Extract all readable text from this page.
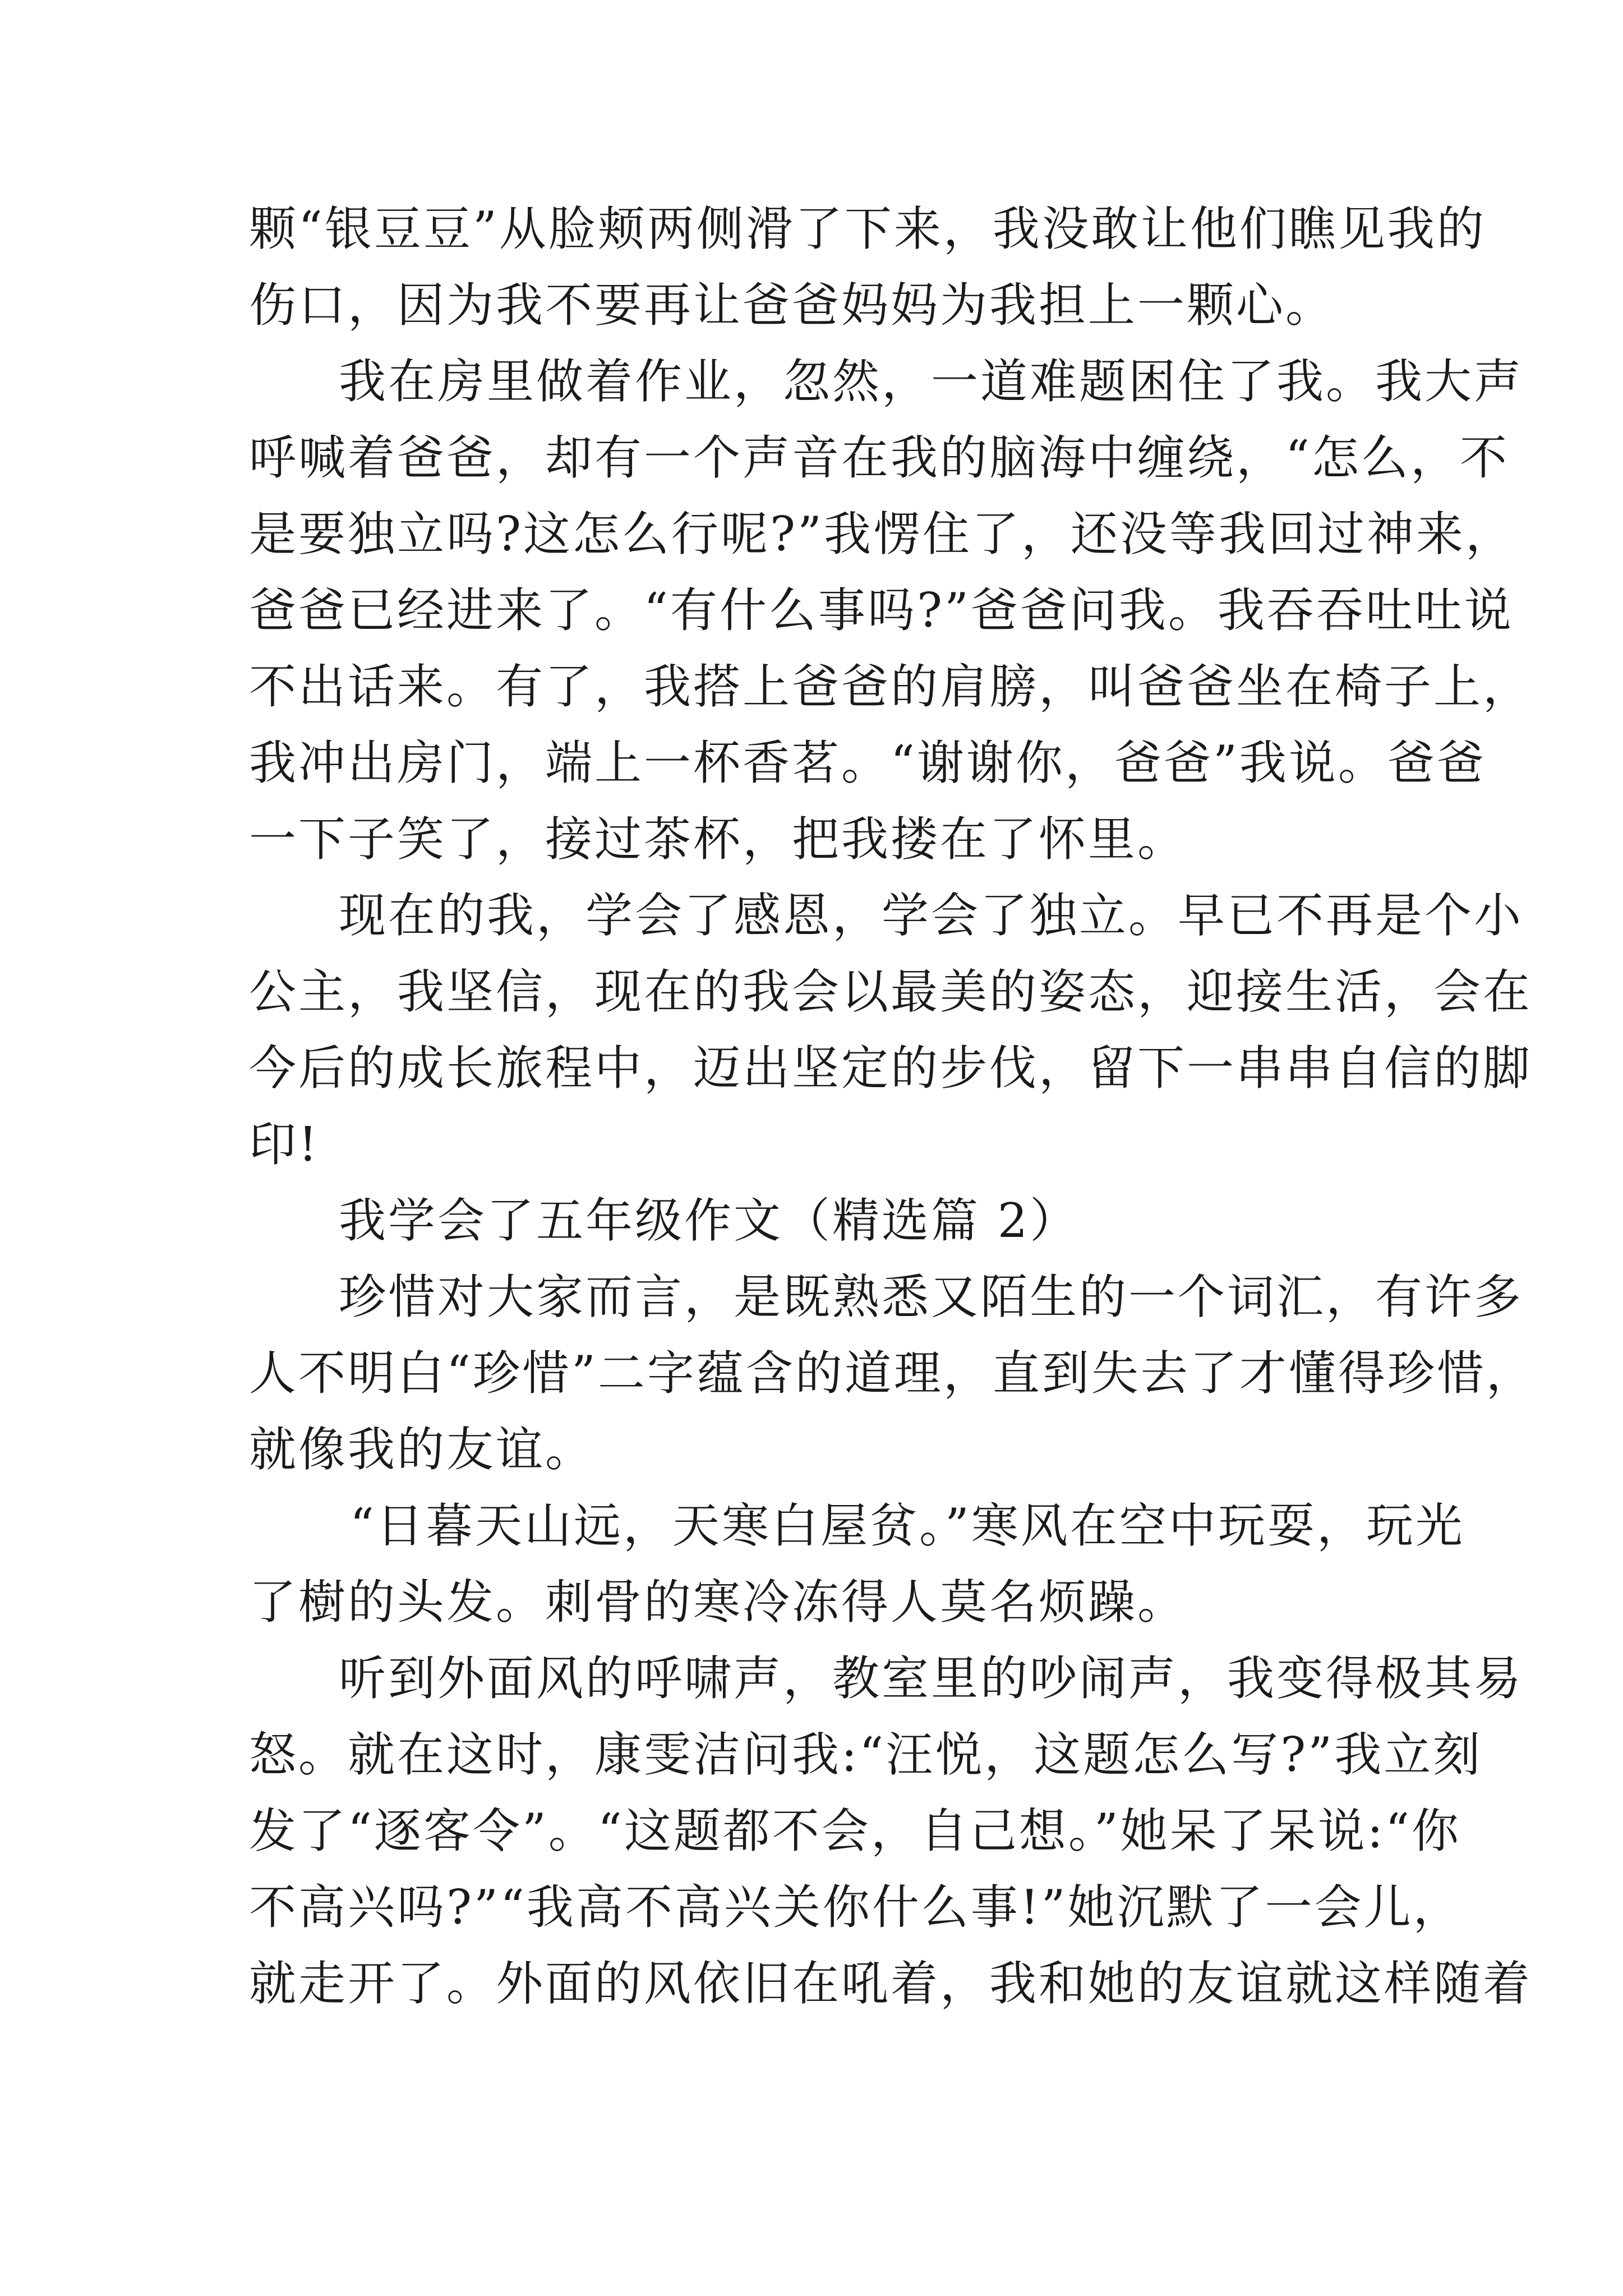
颗“银豆豆”从脸颊两侧滑了下来，我没敢让他们瞧见我的
伤口，因为我不要再让爸爸妈妈为我担上一颗心。
我在房里做着作业，忽然，一道难题困住了我。我大声
呼喊着爸爸，却有一个声音在我的脑海中缠绕，“怎么，不
是要独立吗?这怎么行呢?”我愣住了，还没等我回过神来，
爸爸已经进来了。“有什么事吗?”爸爸问我。我吞吞吐吐说
不出话来。有了，我搭上爸爸的肩膀，叫爸爸坐在椅子上，
我冲出房门，端上一杯香茗。“谢谢你，爸爸”我说。爸爸
一下子笑了，接过茶杯，把我搂在了怀里。
现在的我，学会了感恩，学会了独立。早已不再是个小
公主，我坚信，现在的我会以最美的姿态，迎接生活，会在
今后的成长旅程中，迈出坚定的步伐，留下一串串自信的脚
印!
我学会了五年级作文（精选篇 2）
珍惜对大家而言，是既熟悉又陌生的一个词汇，有许多
人不明白“珍惜”二字蕴含的道理，直到失去了才懂得珍惜，
就像我的友谊。
“日暮天山远，天寒白屋贫。”寒风在空中玩耍，玩光
了樹的头发。刺骨的寒冷冻得人莫名烦躁。
听到外面风的呼啸声，教室里的吵闹声，我变得极其易
怒。就在这时，康雯洁问我:“汪悦，这题怎么写?”我立刻
发了“逐客令”。“这题都不会，自己想。”她呆了呆说:“你
不高兴吗?”“我高不高兴关你什么事!”她沉默了一会儿，
就走开了。外面的风依旧在吼着，我和她的友谊就这样随着
